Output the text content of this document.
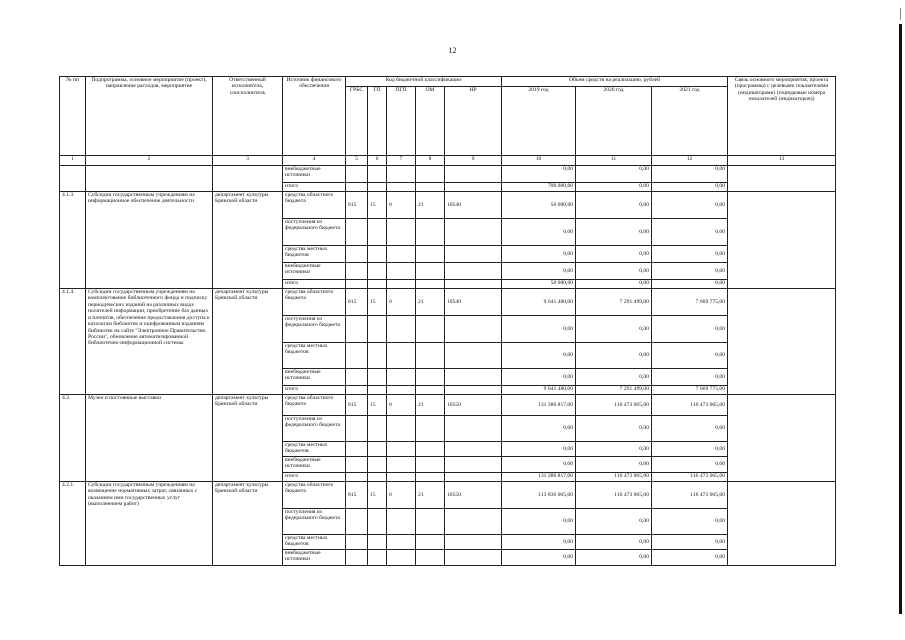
12
№ пп	Подпрограмма, основное мероприятие (проект), направление расходов, мероприятие	Ответственный исполнитель, соисполнитель	Источник финансового обеспечения	Код бюджетной классификации					Объем средств на реализацию, рублей			Связь основного мероприятия, проекта (программы) с целевыми показателями (индикаторами) (порядковые номера показателей (индикаторов))
				ГРБС	ГП	ПГП	ОМ	НР	2019 год	2020 год	2021 год	
1	2	3	4	5	6	7	8	9	10	11	12	13
			внебюджетные источники						0,00	0,00	0,00	
			итого						700 000,00	0,00	0,00	
4.1.3.	Субсидии государственным учреждениям на информационное обеспечение деятельности	департамент культуры Брянской области	средства областного бюджета	815	15	0	21	10540	50 000,00	0,00	0,00	
			поступления из федерального бюджета						0,00	0,00	0,00	
			средства местных бюджетов						0,00	0,00	0,00	
			внебюджетные источники						0,00	0,00	0,00	
			итого						50 000,00	0,00	0,00	
4.1.4.	Субсидии государственным учреждениям на комплектование библиотечного фонда и подписку периодических изданий на различных видах носителей информации, приобретение баз данных и патентов, обеспечение предоставления доступа к каталогам библиотек и оцифрованным изданиям библиотек на сайте "Электронное Правительство России", обновление автоматизированной библиотечно-информационной системы	департамент культуры Брянской области	средства областного бюджета	815	15	0	21	10540	9 641 480,00	7 291 499,00	7 669 775,00	
			поступления из федерального бюджета						0,00	0,00	0,00	
			средства местных бюджетов						0,00	0,00	0,00	
			внебюджетные источники						0,00	0,00	0,00	
			итого						9 641 480,00	7 291 499,00	7 669 775,00	
4.2.	Музеи и постоянные выставки	департамент культуры Брянской области	средства областного бюджета	815	15	0	21	10550	131 386 817,00	116 473 065,00	116 473 065,00	
			поступления из федерального бюджета						0,00	0,00	0,00	
			средства местных бюджетов						0,00	0,00	0,00	
			внебюджетные источники						0,00	0,00	0,00	
			итого						131 386 817,00	116 473 065,00	116 473 065,00	
4.2.1.	Субсидии государственным учреждениям на возмещение нормативных затрат, связанных с оказанием ими государственных услуг (выполнением работ)	департамент культуры Брянской области	средства областного бюджета	815	15	0	21	10550	113 836 065,00	116 473 065,00	116 473 065,00	
			поступления из федерального бюджета						0,00	0,00	0,00	
			средства местных бюджетов						0,00	0,00	0,00	
			внебюджетные источники						0,00	0,00	0,00	
